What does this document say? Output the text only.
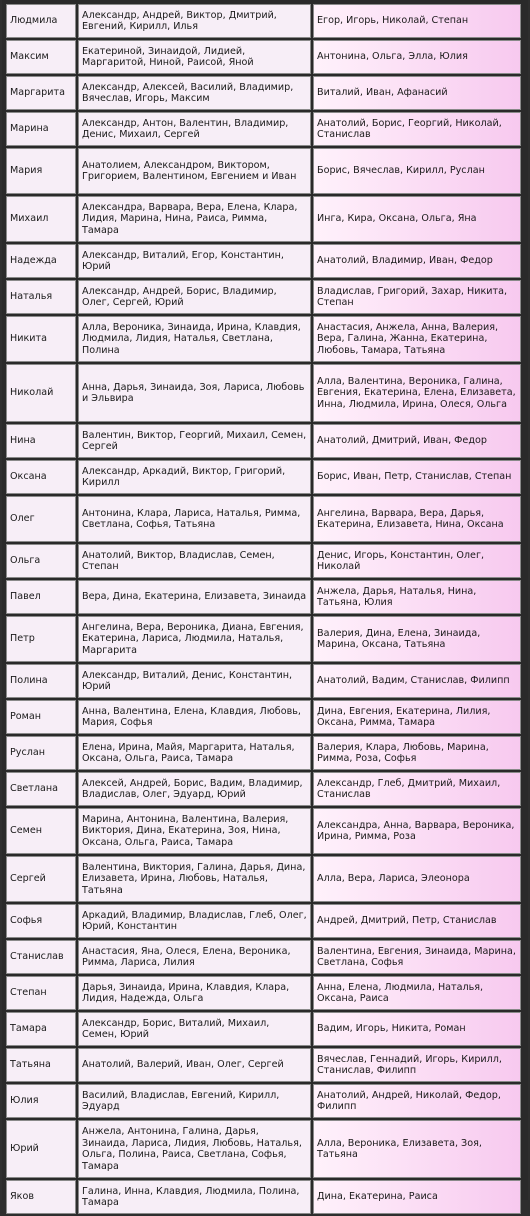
Людмила	Александр, Андрей, Виктор, Дмитрий, Евгений, Кирилл, Илья	Егор, Игорь, Николай, Степан
Максим	Екатериной, Зинаидой, Лидией, Маргаритой, Ниной, Раисой, Яной	Антонина, Ольга, Элла, Юлия
Маргарита	Александр, Алексей, Василий, Владимир, Вячеслав, Игорь, Максим	Виталий, Иван, Афанасий
Марина	Александр, Антон, Валентин, Владимир, Денис, Михаил, Сергей	Анатолий, Борис, Георгий, Николай, Станислав
Мария	Анатолием, Александром, Виктором, Григорием, Валентином, Евгением и Иван	Борис, Вячеслав, Кирилл, Руслан
Михаил	Александра, Варвара, Вера, Елена, Клара, Лидия, Марина, Нина, Раиса, Римма, Тамара	Инга, Кира, Оксана, Ольга, Яна
Надежда	Александр, Виталий, Егор, Константин, Юрий	Анатолий, Владимир, Иван, Федор
Наталья	Александр, Андрей, Борис, Владимир, Олег, Сергей, Юрий	Владислав, Григорий, Захар, Никита, Степан
Никита	Алла, Вероника, Зинаида, Ирина, Клавдия, Людмила, Лидия, Наталья, Светлана, Полина	Анастасия, Анжела, Анна, Валерия, Вера, Галина, Жанна, Екатерина, Любовь, Тамара, Татьяна
Николай	Анна, Дарья, Зинаида, Зоя, Лариса, Любовь и Эльвира	Алла, Валентина, Вероника, Галина, Евгения, Екатерина, Елена, Елизавета, Инна, Людмила, Ирина, Олеся, Ольга
Нина	Валентин, Виктор, Георгий, Михаил, Семен, Сергей	Анатолий, Дмитрий, Иван, Федор
Оксана	Александр, Аркадий, Виктор, Григорий, Кирилл	Борис, Иван, Петр, Станислав, Степан
Олег	Антонина, Клара, Лариса, Наталья, Римма, Светлана, Софья, Татьяна	Ангелина, Варвара, Вера, Дарья, Екатерина, Елизавета, Нина, Оксана
Ольга	Анатолий, Виктор, Владислав, Семен, Степан	Денис, Игорь, Константин, Олег, Николай
Павел	Вера, Дина, Екатерина, Елизавета, Зинаида	Анжела, Дарья, Наталья, Нина, Татьяна, Юлия
Петр	Ангелина, Вера, Вероника, Диана, Евгения, Екатерина, Лариса, Людмила, Наталья, Маргарита	Валерия, Дина, Елена, Зинаида, Марина, Оксана, Татьяна
Полина	Александр, Виталий, Денис, Константин, Юрий	Анатолий, Вадим, Станислав, Филипп
Роман	Анна, Валентина, Елена, Клавдия, Любовь, Мария, Софья	Дина, Евгения, Екатерина, Лилия, Оксана, Римма, Тамара
Руслан	Елена, Ирина, Майя, Маргарита, Наталья, Оксана, Ольга, Раиса, Тамара	Валерия, Клара, Любовь, Марина, Римма, Роза, Софья
Светлана	Алексей, Андрей, Борис, Вадим, Владимир, Владислав, Олег, Эдуард, Юрий	Александр, Глеб, Дмитрий, Михаил, Станислав
Семен	Марина, Антонина, Валентина, Валерия, Виктория, Дина, Екатерина, Зоя, Нина, Оксана, Ольга, Раиса, Тамара	Александра, Анна, Варвара, Вероника, Ирина, Римма, Роза
Сергей	Валентина, Виктория, Галина, Дарья, Дина, Елизавета, Ирина, Любовь, Наталья, Татьяна	Алла, Вера, Лариса, Элеонора
Софья	Аркадий, Владимир, Владислав, Глеб, Олег, Юрий, Константин	Андрей, Дмитрий, Петр, Станислав
Станислав	Анастасия, Яна, Олеся, Елена, Вероника, Римма, Лариса, Лилия	Валентина, Евгения, Зинаида, Марина, Светлана, Софья
Степан	Дарья, Зинаида, Ирина, Клавдия, Клара, Лидия, Надежда, Ольга	Анна, Елена, Людмила, Наталья, Оксана, Раиса
Тамара	Александр, Борис, Виталий, Михаил, Семен, Юрий	Вадим, Игорь, Никита, Роман
Татьяна	Анатолий, Валерий, Иван, Олег, Сергей	Вячеслав, Геннадий, Игорь, Кирилл, Станислав, Филипп
Юлия	Василий, Владислав, Евгений, Кирилл, Эдуард	Анатолий, Андрей, Николай, Федор, Филипп
Юрий	Анжела, Антонина, Галина, Дарья, Зинаида, Лариса, Лидия, Любовь, Наталья, Ольга, Полина, Раиса, Светлана, Софья, Тамара	Алла, Вероника, Елизавета, Зоя, Татьяна
Яков	Галина, Инна, Клавдия, Людмила, Полина, Тамара	Дина, Екатерина, Раиса
